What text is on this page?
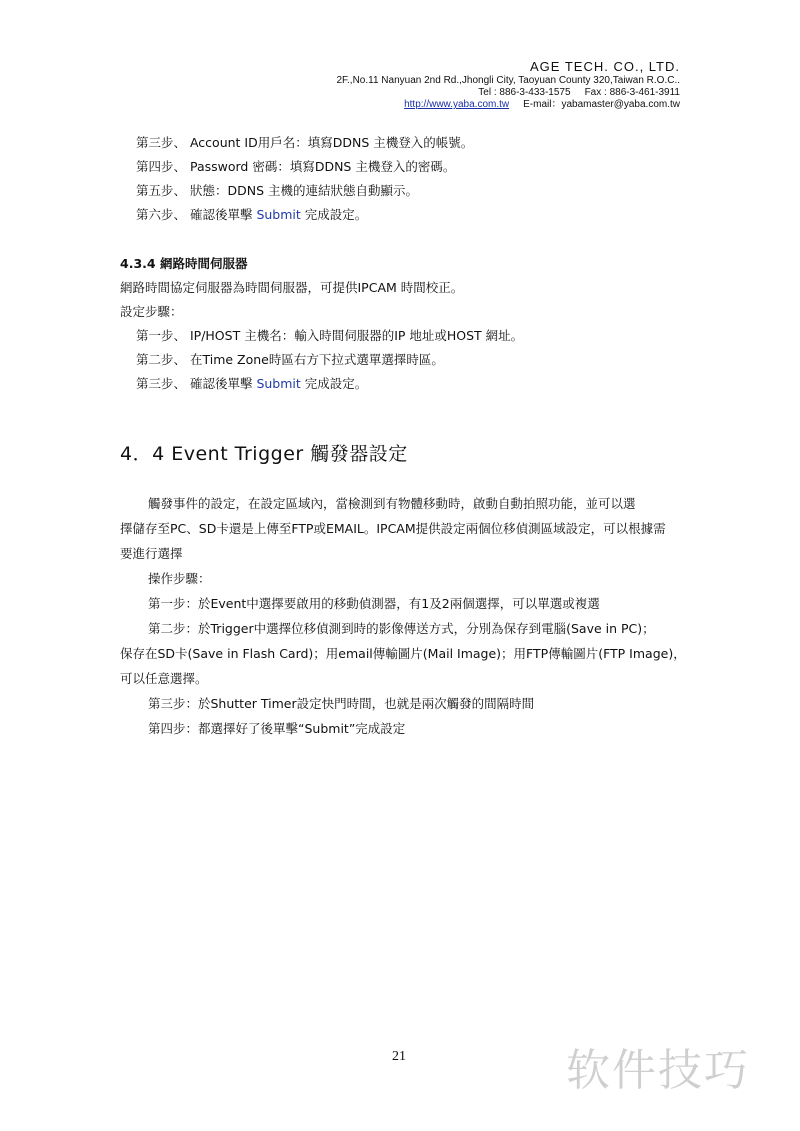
AGE TECH. CO., LTD.
2F.,No.11 Nanyuan 2nd Rd.,Jhongli City, Taoyuan County 320,Taiwan R.O.C..
Tel : 886-3-433-1575 Fax : 886-3-461-3911
http://www.yaba.com.tw E-mail：yabamaster@yaba.com.tw
第三步、 Account ID用戶名：填寫DDNS 主機登入的帳號。
第四步、 Password 密碼：填寫DDNS 主機登入的密碼。
第五步、 狀態：DDNS 主機的連結狀態自動顯示。
第六步、 確認後單擊 Submit 完成設定。
4.3.4 網路時間伺服器
網路時間協定伺服器為時間伺服器，可提供IPCAM 時間校正。
設定步驟：
第一步、 IP/HOST 主機名：輸入時間伺服器的IP 地址或HOST 網址。
第二步、 在Time Zone時區右方下拉式選單選擇時區。
第三步、 確認後單擊 Submit 完成設定。
4．4 Event Trigger 觸發器設定
觸發事件的設定，在設定區域內，當檢測到有物體移動時，啟動自動拍照功能，並可以選
擇儲存至PC、SD卡還是上傳至FTP或EMAIL。IPCAM提供設定兩個位移偵測區域設定，可以根據需
要進行選擇
操作步驟：
第一步：於Event中選擇要啟用的移動偵測器，有1及2兩個選擇，可以單選或複選
第二步：於Trigger中選擇位移偵測到時的影像傳送方式，分別為保存到電腦(Save in PC)；
保存在SD卡(Save in Flash Card)；用email傳輸圖片(Mail Image)；用FTP傳輸圖片(FTP Image)，
可以任意選擇。
第三步：於Shutter Timer設定快門時間，也就是兩次觸發的間隔時間
第四步：都選擇好了後單擊“Submit”完成設定
21	软件技巧
